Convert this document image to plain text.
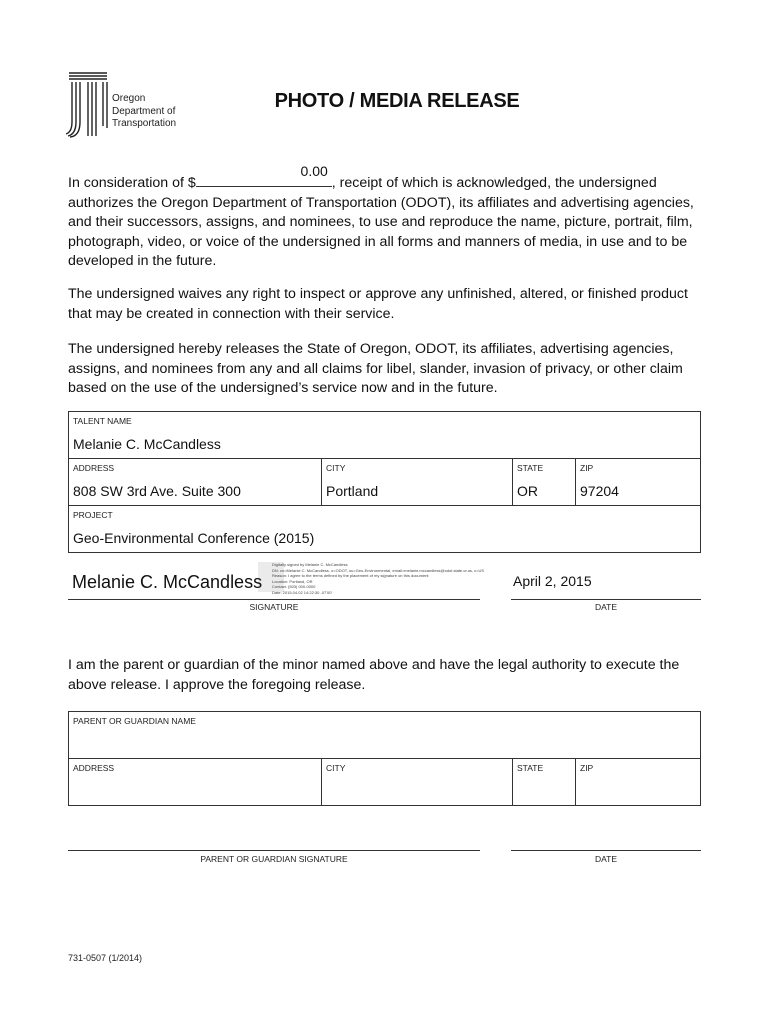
Oregon
Department of
Transportation
PHOTO / MEDIA RELEASE
In consideration of $
0.00
, receipt of which is acknowledged, the undersigned authorizes the Oregon Department of Transportation (ODOT), its affiliates and advertising agencies, and their successors, assigns, and nominees, to use and reproduce the name, picture, portrait, film, photograph, video, or voice of the undersigned in all forms and manners of media, in use and to be developed in the future.
The undersigned waives any right to inspect or approve any unfinished, altered, or finished product that may be created in connection with their service.
The undersigned hereby releases the State of Oregon, ODOT, its affiliates, advertising agencies, assigns, and nominees from any and all claims for libel, slander, invasion of privacy, or other claim based on the use of the undersigned’s service now and in the future.
TALENT NAME
Melanie C. McCandless

ADDRESS
808 SW 3rd Ave. Suite 300

CITY
Portland

STATE
OR

ZIP
97204

PROJECT
Geo-Environmental Conference (2015)
Melanie C. McCandless
Digitally signed by Melanie C. McCandless
DN: cn=Melanie C. McCandless, o=ODOT, ou=Geo-Environmental, email=melanie.mccandless@odot.state.or.us, c=US
Reason: I agree to the terms defined by the placement of my signature on this document
Location: Portland, OR
Contact: (503) 000-0000
Date: 2015.04.02 14:22:30 -07'00'
SIGNATURE
April 2, 2015
DATE
I am the parent or guardian of the minor named above and have the legal authority to execute the above release. I approve the foregoing release.
PARENT OR GUARDIAN NAME

ADDRESS	CITY	STATE	ZIP
PARENT OR GUARDIAN SIGNATURE	DATE
731-0507 (1/2014)
